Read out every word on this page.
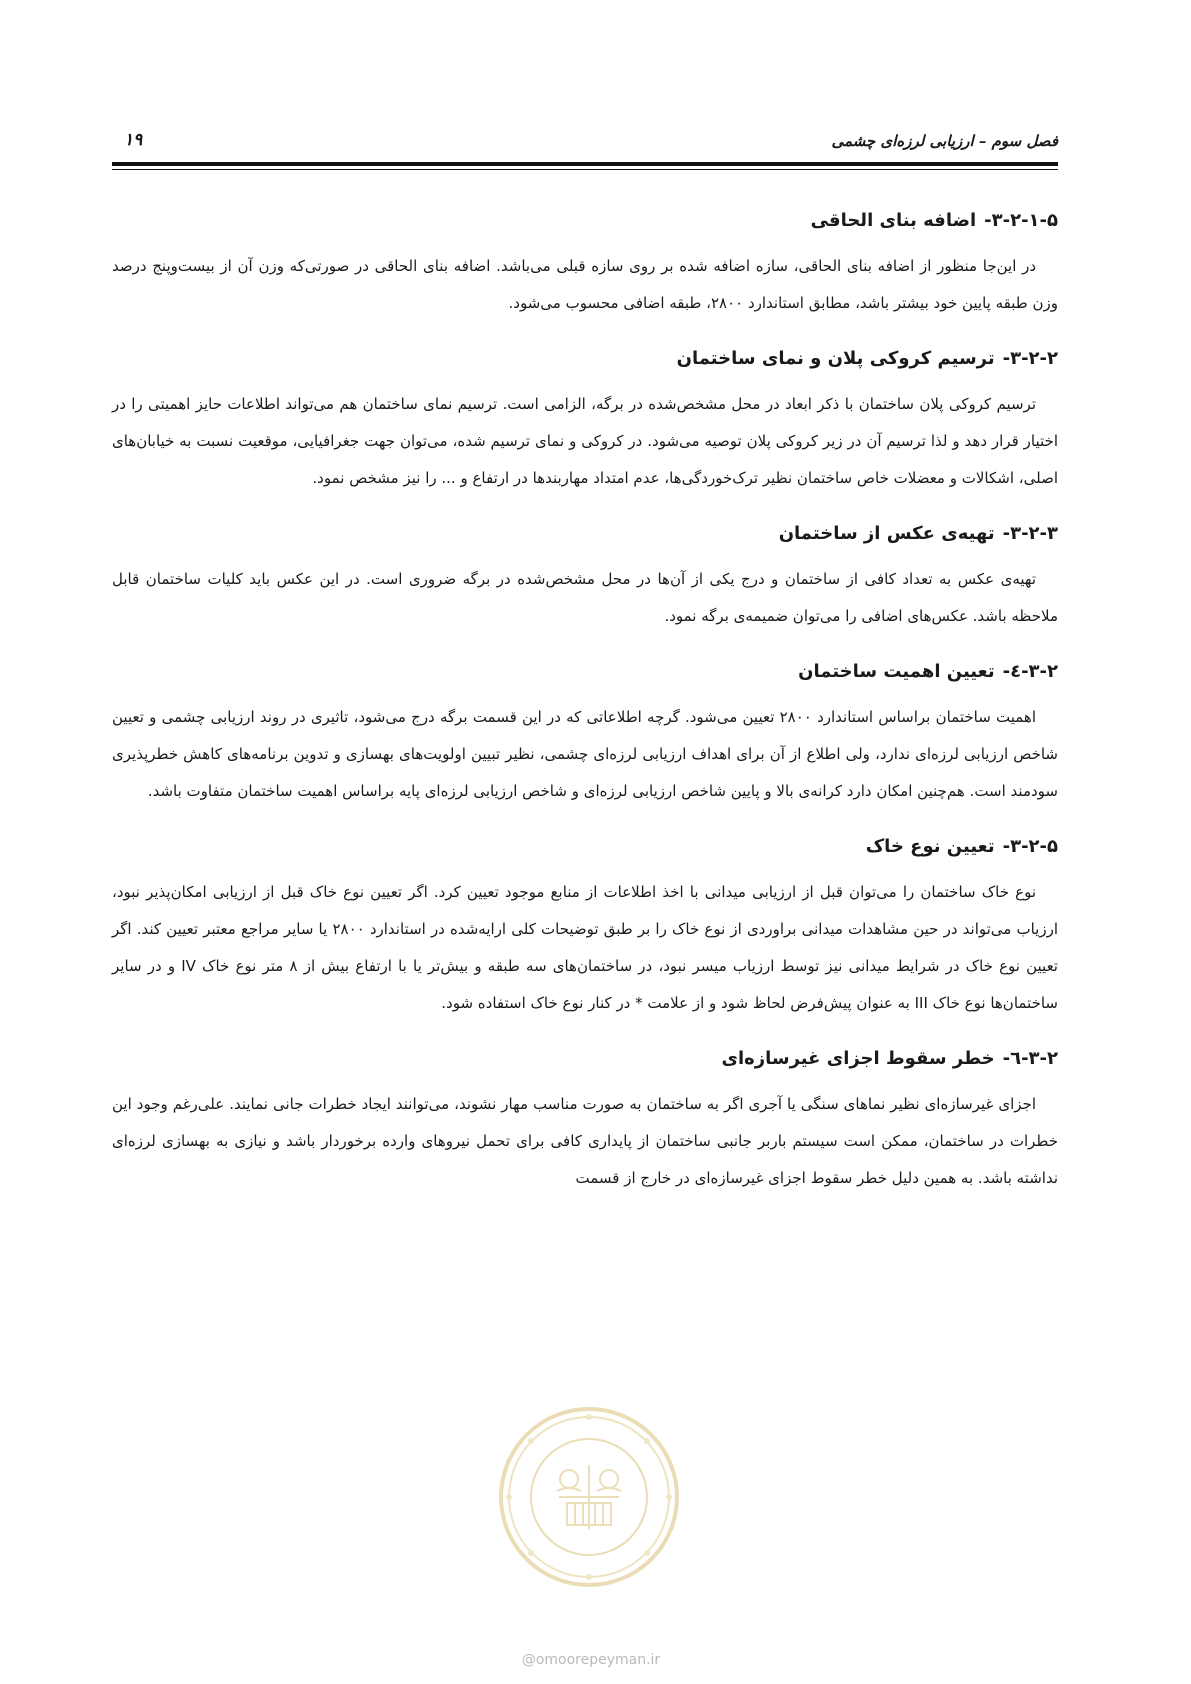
فصل سوم – ارزیابی لرزه‌ای چشمی
۱۹
۳-۲-۱-۵-اضافه بنای الحاقی

در این‌جا منظور از اضافه بنای الحاقی، سازه اضافه شده بر روی سازه قبلی می‌باشد. اضافه بنای الحاقی در صورتی‌که وزن آن از بیست‌وپنج درصد وزن طبقه پایین خود بیشتر باشد، مطابق استاندارد ۲۸۰۰، طبقه اضافی محسوب می‌شود.

۳-۲-۲-ترسیم کروکی پلان و نمای ساختمان

ترسیم کروکی پلان ساختمان با ذکر ابعاد در محل مشخص‌شده در برگه، الزامی است. ترسیم نمای ساختمان هم می‌تواند اطلاعات حایز اهمیتی را در اختیار قرار دهد و لذا ترسیم آن در زیر کروکی پلان توصیه می‌شود. در کروکی و نمای ترسیم شده، می‌توان جهت جغرافیایی، موقعیت نسبت به خیابان‌های اصلی، اشکالات و معضلات خاص ساختمان نظیر ترک‌خوردگی‌ها، عدم امتداد مهاربندها در ارتفاع و ... را نیز مشخص نمود.

۳-۲-۳-تهیه‌ی عکس از ساختمان

تهیه‌ی عکس به تعداد کافی از ساختمان و درج یکی از آن‌ها در محل مشخص‌شده در برگه ضروری است. در این عکس باید کلیات ساختمان قابل ملاحظه باشد. عکس‌های اضافی را می‌توان ضمیمه‌ی برگه نمود.

۳-۲-٤-تعیین اهمیت ساختمان

اهمیت ساختمان براساس استاندارد ۲۸۰۰ تعیین می‌شود. گرچه اطلاعاتی که در این قسمت برگه درج می‌شود، تاثیری در روند ارزیابی چشمی و تعیین شاخص ارزیابی لرزه‌ای ندارد، ولی اطلاع از آن برای اهداف ارزیابی لرزه‌ای چشمی، نظیر تبیین اولویت‌های بهسازی و تدوین برنامه‌های کاهش خطرپذیری سودمند است. هم‌چنین امکان دارد کرانه‌ی بالا و پایین شاخص ارزیابی لرزه‌ای و شاخص ارزیابی لرزه‌ای پایه براساس اهمیت ساختمان متفاوت باشد.

۳-۲-۵-تعیین نوع خاک

نوع خاک ساختمان را می‌توان قبل از ارزیابی میدانی با اخذ اطلاعات از منابع موجود تعیین کرد. اگر تعیین نوع خاک قبل از ارزیابی امکان‌پذیر نبود، ارزیاب می‌تواند در حین مشاهدات میدانی براوردی از نوع خاک را بر طبق توضیحات کلی ارایه‌شده در استاندارد ۲۸۰۰ یا سایر مراجع معتبر تعیین کند. اگر تعیین نوع خاک در شرایط میدانی نیز توسط ارزیاب میسر نبود، در ساختمان‌های سه طبقه و بیش‌تر یا با ارتفاع بیش از ۸ متر نوع خاک IV و در سایر ساختمان‌ها نوع خاک III به عنوان پیش‌فرض لحاظ شود و از علامت * در کنار نوع خاک استفاده شود.

۳-۲-٦-خطر سقوط اجزای غیرسازه‌ای

اجزای غیرسازه‌ای نظیر نماهای سنگی یا آجری اگر به ساختمان به صورت مناسب مهار نشوند، می‌توانند ایجاد خطرات جانی نمایند. علی‌رغم وجود این خطرات در ساختمان، ممکن است سیستم باربر جانبی ساختمان از پایداری کافی برای تحمل نیروهای وارده برخوردار باشد و نیازی به بهسازی لرزه‌ای نداشته باشد. به همین دلیل خطر سقوط اجزای غیرسازه‌ای در خارج از قسمت

@omoorepeyman.ir
